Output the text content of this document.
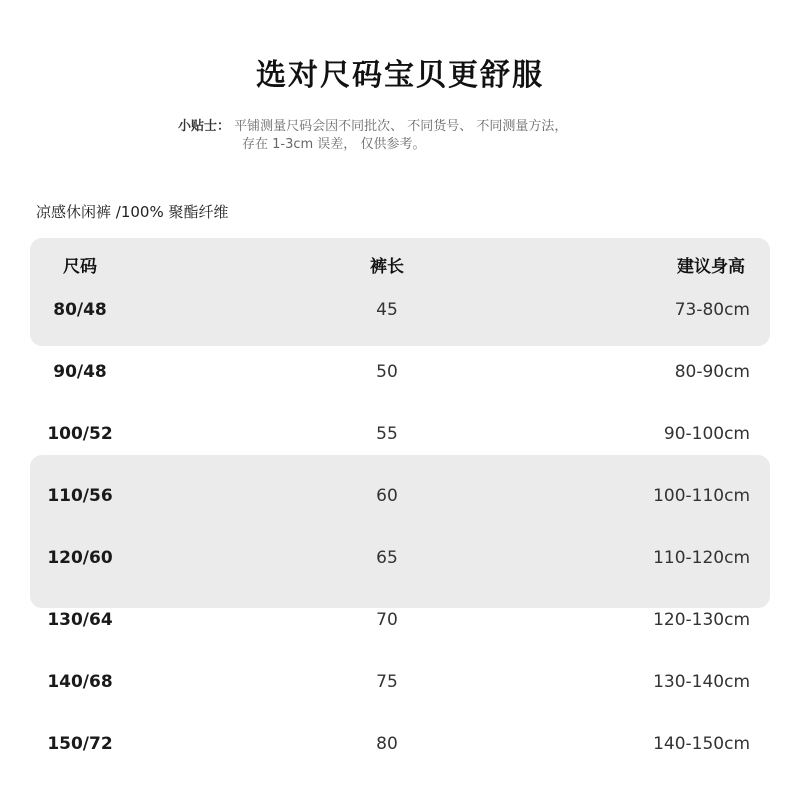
选对尺码宝贝更舒服
小贴士： 平铺测量尺码会因不同批次、 不同货号、 不同测量方法，
存在 1-3cm 误差， 仅供参考。
凉感休闲裤 /100% 聚酯纤维
尺码	裤长	建议身高
80/48	45	73-80cm
90/48	50	80-90cm
100/52	55	90-100cm
110/56	60	100-110cm
120/60	65	110-120cm
130/64	70	120-130cm
140/68	75	130-140cm
150/72	80	140-150cm
